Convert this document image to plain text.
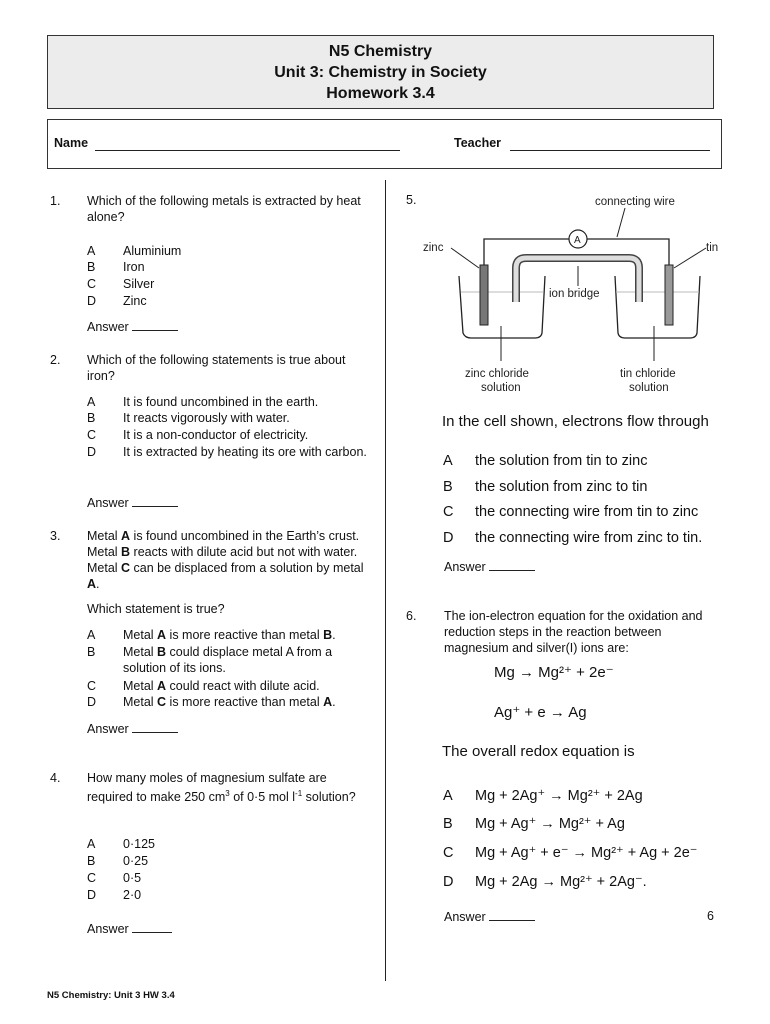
N5 Chemistry
Unit 3: Chemistry in Society
Homework 3.4
Name	Teacher
1. Which of the following metals is extracted by heat alone?
A Aluminium
B Iron
C Silver
D Zinc
Answer
2. Which of the following statements is true about iron?
A It is found uncombined in the earth.
B It reacts vigorously with water.
C It is a non-conductor of electricity.
D It is extracted by heating its ore with carbon.
Answer
3. Metal A is found uncombined in the Earth’s crust. Metal B reacts with dilute acid but not with water. Metal C can be displaced from a solution by metal A.
Which statement is true?
A Metal A is more reactive than metal B.
B Metal B could displace metal A from a solution of its ions.
C Metal A could react with dilute acid.
D Metal C is more reactive than metal A.
Answer
4. How many moles of magnesium sulfate are required to make 250 $cm^3$ of 0·5 mol $l^{-1}$ solution?
A 0·125
B 0·25
C 0·5
D 2·0
Answer
5.	connecting wire
zinc	tin
ion bridge
zinc chloride
solution
tin chloride
solution
A
In the cell shown, electrons flow through
A the solution from tin to zinc
B the solution from zinc to tin
C the connecting wire from tin to zinc
D the connecting wire from zinc to tin.
Answer
6. The ion-electron equation for the oxidation and reduction steps in the reaction between magnesium and silver(I) ions are:
Mg → Mg²⁺ + 2e⁻
Ag⁺ + e → Ag
The overall redox equation is
A Mg + 2Ag⁺ → Mg²⁺ + 2Ag
B Mg + Ag⁺ → Mg²⁺ + Ag
C Mg + Ag⁺ + e⁻ → Mg²⁺ + Ag + 2e⁻
D Mg + 2Ag → Mg²⁺ + 2Ag⁻.
Answer	6
N5 Chemistry: Unit 3 HW 3.4
